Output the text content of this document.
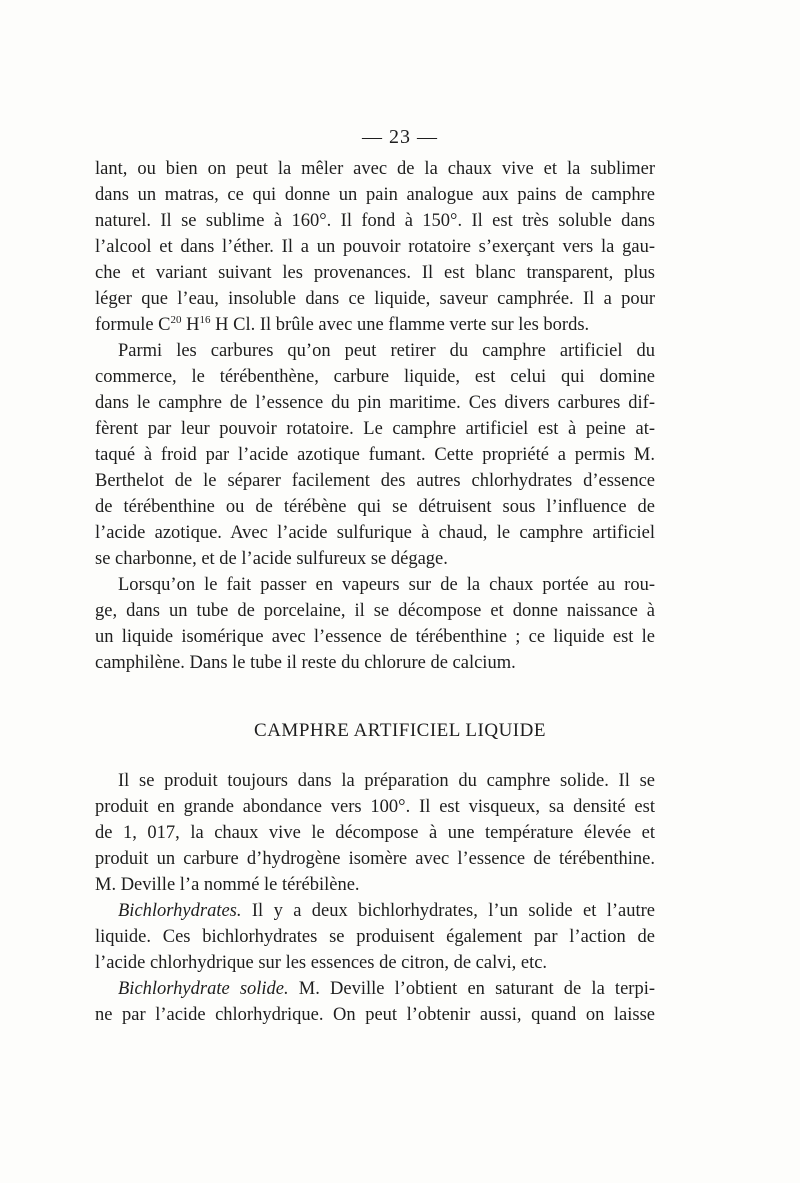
— 23 —
lant, ou bien on peut la mêler avec de la chaux vive et la sublimer
dans un matras, ce qui donne un pain analogue aux pains de camphre
naturel. Il se sublime à 160°. Il fond à 150°. Il est très soluble dans
l’alcool et dans l’éther. Il a un pouvoir rotatoire s’exerçant vers la gau-
che et variant suivant les provenances. Il est blanc transparent, plus
léger que l’eau, insoluble dans ce liquide, saveur camphrée. Il a pour
formule $C^{20}$ $H^{16}$ H Cl. Il brûle avec une flamme verte sur les bords.
Parmi les carbures qu’on peut retirer du camphre artificiel du
commerce, le térébenthène, carbure liquide, est celui qui domine
dans le camphre de l’essence du pin maritime. Ces divers carbures dif-
fèrent par leur pouvoir rotatoire. Le camphre artificiel est à peine at-
taqué à froid par l’acide azotique fumant. Cette propriété a permis M.
Berthelot de le séparer facilement des autres chlorhydrates d’essence
de térébenthine ou de térébène qui se détruisent sous l’influence de
l’acide azotique. Avec l’acide sulfurique à chaud, le camphre artificiel
se charbonne, et de l’acide sulfureux se dégage.
Lorsqu’on le fait passer en vapeurs sur de la chaux portée au rou-
ge, dans un tube de porcelaine, il se décompose et donne naissance à
un liquide isomérique avec l’essence de térébenthine ; ce liquide est le
camphilène. Dans le tube il reste du chlorure de calcium.
CAMPHRE ARTIFICIEL LIQUIDE
Il se produit toujours dans la préparation du camphre solide. Il se
produit en grande abondance vers 100°. Il est visqueux, sa densité est
de 1, 017, la chaux vive le décompose à une température élevée et
produit un carbure d’hydrogène isomère avec l’essence de térébenthine.
M. Deville l’a nommé le térébilène.
Bichlorhydrates. Il y a deux bichlorhydrates, l’un solide et l’autre
liquide. Ces bichlorhydrates se produisent également par l’action de
l’acide chlorhydrique sur les essences de citron, de calvi, etc.
Bichlorhydrate solide. M. Deville l’obtient en saturant de la terpi-
ne par l’acide chlorhydrique. On peut l’obtenir aussi, quand on laisse
